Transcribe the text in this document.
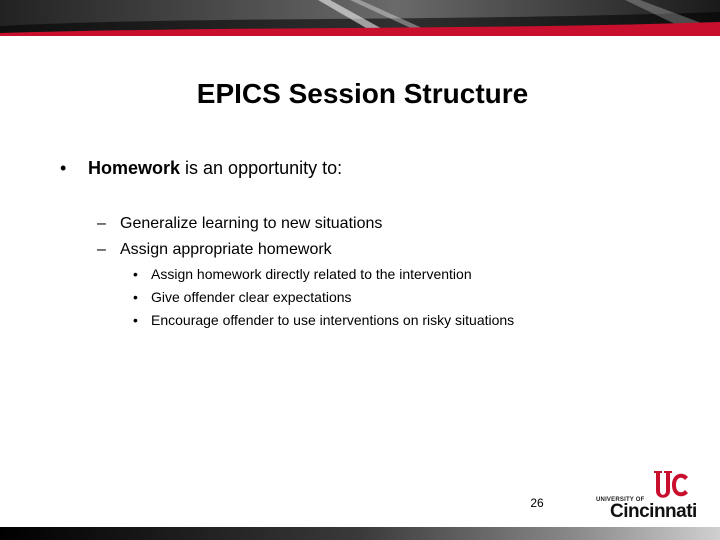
EPICS Session Structure
• Homework is an opportunity to:
– Generalize learning to new situations
– Assign appropriate homework
• Assign homework directly related to the intervention
• Give offender clear expectations
• Encourage offender to use interventions on risky situations
26	UNIVERSITY OF
Cincinnati
